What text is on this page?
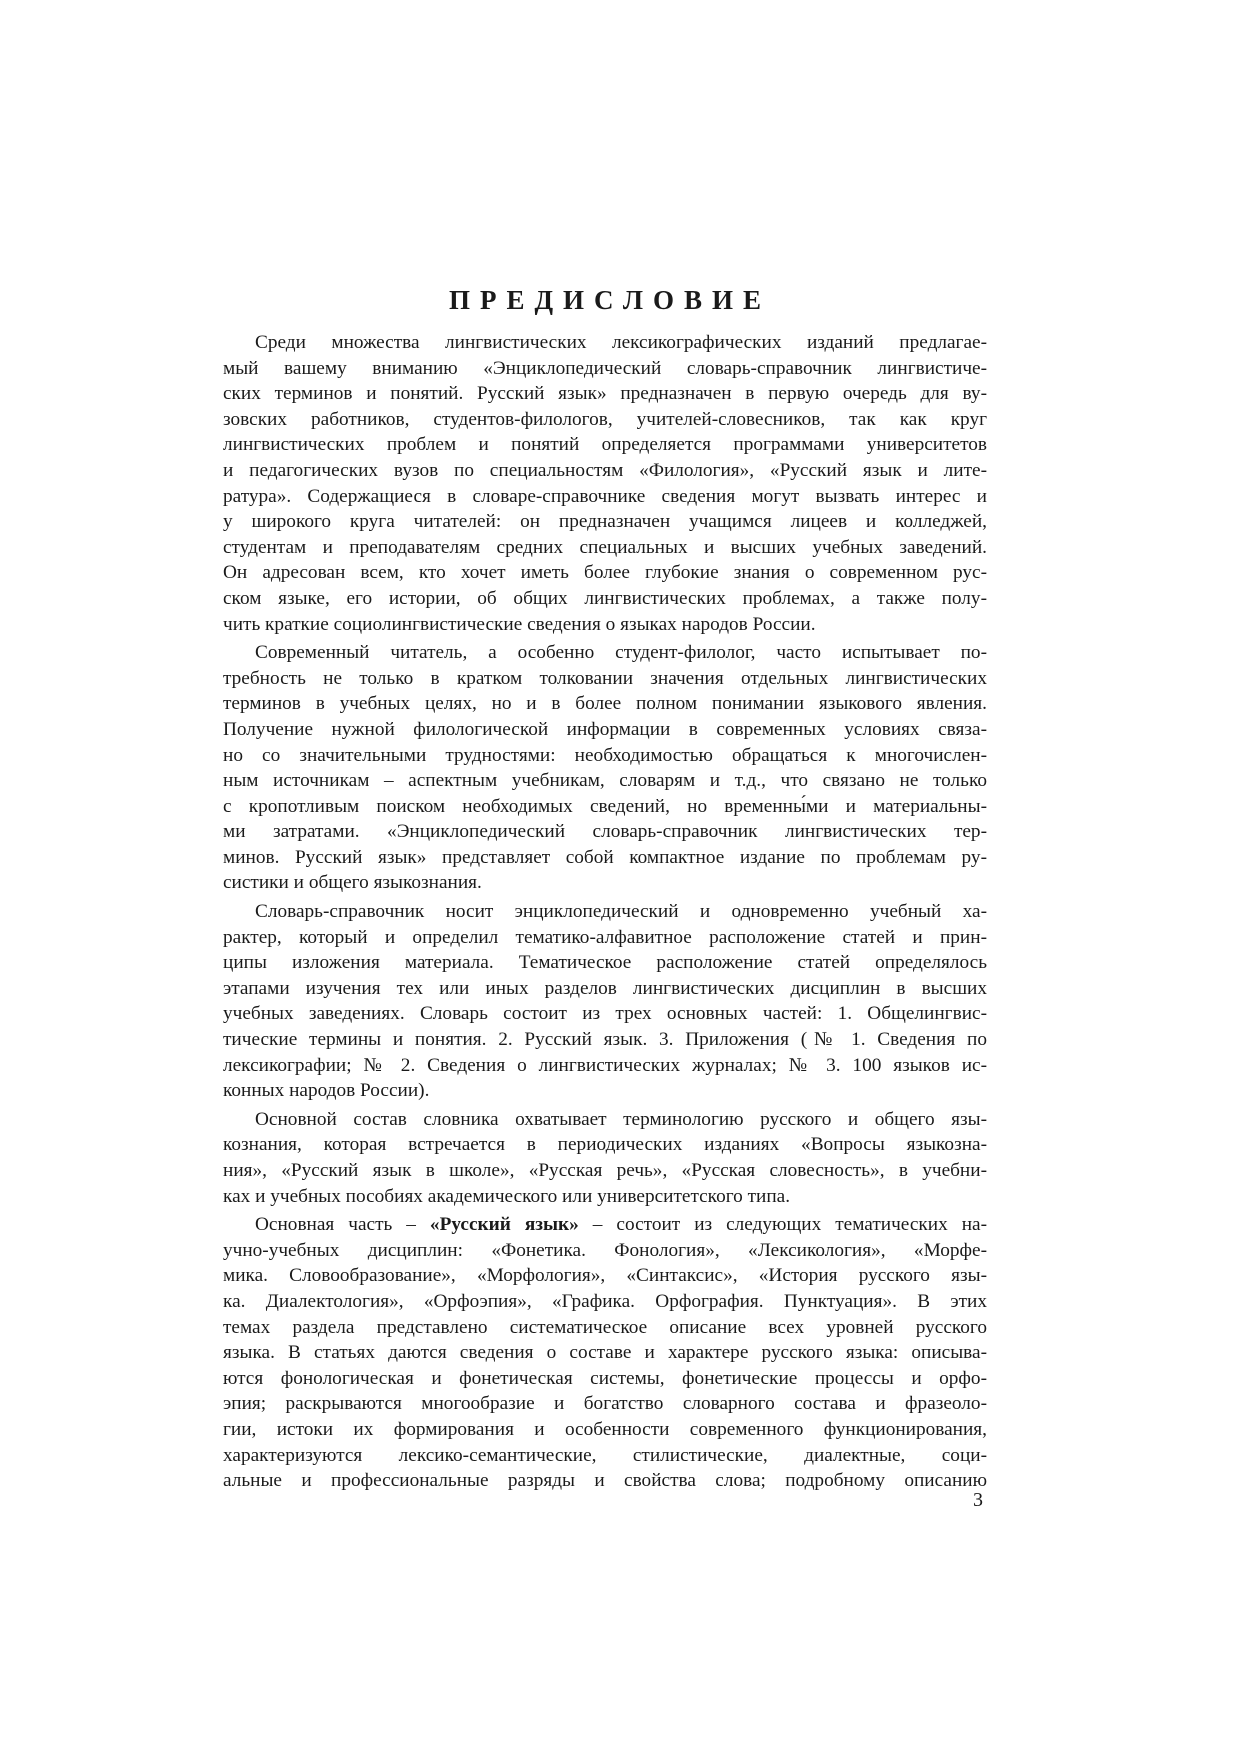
ПРЕДИСЛОВИЕ
Среди множества лингвистических лексикографических изданий предлагае-
мый вашему вниманию «Энциклопедический словарь-справочник лингвистиче-
ских терминов и понятий. Русский язык» предназначен в первую очередь для ву-
зовских работников, студентов-филологов, учителей-словесников, так как круг
лингвистических проблем и понятий определяется программами университетов
и педагогических вузов по специальностям «Филология», «Русский язык и лите-
ратура». Содержащиеся в словаре-справочнике сведения могут вызвать интерес и
у широкого круга читателей: он предназначен учащимся лицеев и колледжей,
студентам и преподавателям средних специальных и высших учебных заведений.
Он адресован всем, кто хочет иметь более глубокие знания о современном рус-
ском языке, его истории, об общих лингвистических проблемах, а также полу-
чить краткие социолингвистические сведения о языках народов России.
Современный читатель, а особенно студент-филолог, часто испытывает по-
требность не только в кратком толковании значения отдельных лингвистических
терминов в учебных целях, но и в более полном понимании языкового явления.
Получение нужной филологической информации в современных условиях связа-
но со значительными трудностями: необходимостью обращаться к многочислен-
ным источникам – аспектным учебникам, словарям и т.д., что связано не только
с кропотливым поиском необходимых сведений, но временны́ми и материальны-
ми затратами. «Энциклопедический словарь-справочник лингвистических тер-
минов. Русский язык» представляет собой компактное издание по проблемам ру-
систики и общего языкознания.
Словарь-справочник носит энциклопедический и одновременно учебный ха-
рактер, который и определил тематико-алфавитное расположение статей и прин-
ципы изложения материала. Тематическое расположение статей определялось
этапами изучения тех или иных разделов лингвистических дисциплин в высших
учебных заведениях. Словарь состоит из трех основных частей: 1. Общелингвис-
тические термины и понятия. 2. Русский язык. 3. Приложения (№ 1. Сведения по
лексикографии; № 2. Сведения о лингвистических журналах; № 3. 100 языков ис-
конных народов России).
Основной состав словника охватывает терминологию русского и общего язы-
кознания, которая встречается в периодических изданиях «Вопросы языкозна-
ния», «Русский язык в школе», «Русская речь», «Русская словесность», в учебни-
ках и учебных пособиях академического или университетского типа.
Основная часть – «Русский язык» – состоит из следующих тематических на-
учно-учебных дисциплин: «Фонетика. Фонология», «Лексикология», «Морфе-
мика. Словообразование», «Морфология», «Синтаксис», «История русского язы-
ка. Диалектология», «Орфоэпия», «Графика. Орфография. Пунктуация». В этих
темах раздела представлено систематическое описание всех уровней русского
языка. В статьях даются сведения о составе и характере русского языка: описыва-
ются фонологическая и фонетическая системы, фонетические процессы и орфо-
эпия; раскрываются многообразие и богатство словарного состава и фразеоло-
гии, истоки их формирования и особенности современного функционирования,
характеризуются лексико-семантические, стилистические, диалектные, соци-
альные и профессиональные разряды и свойства слова; подробному описанию
3
